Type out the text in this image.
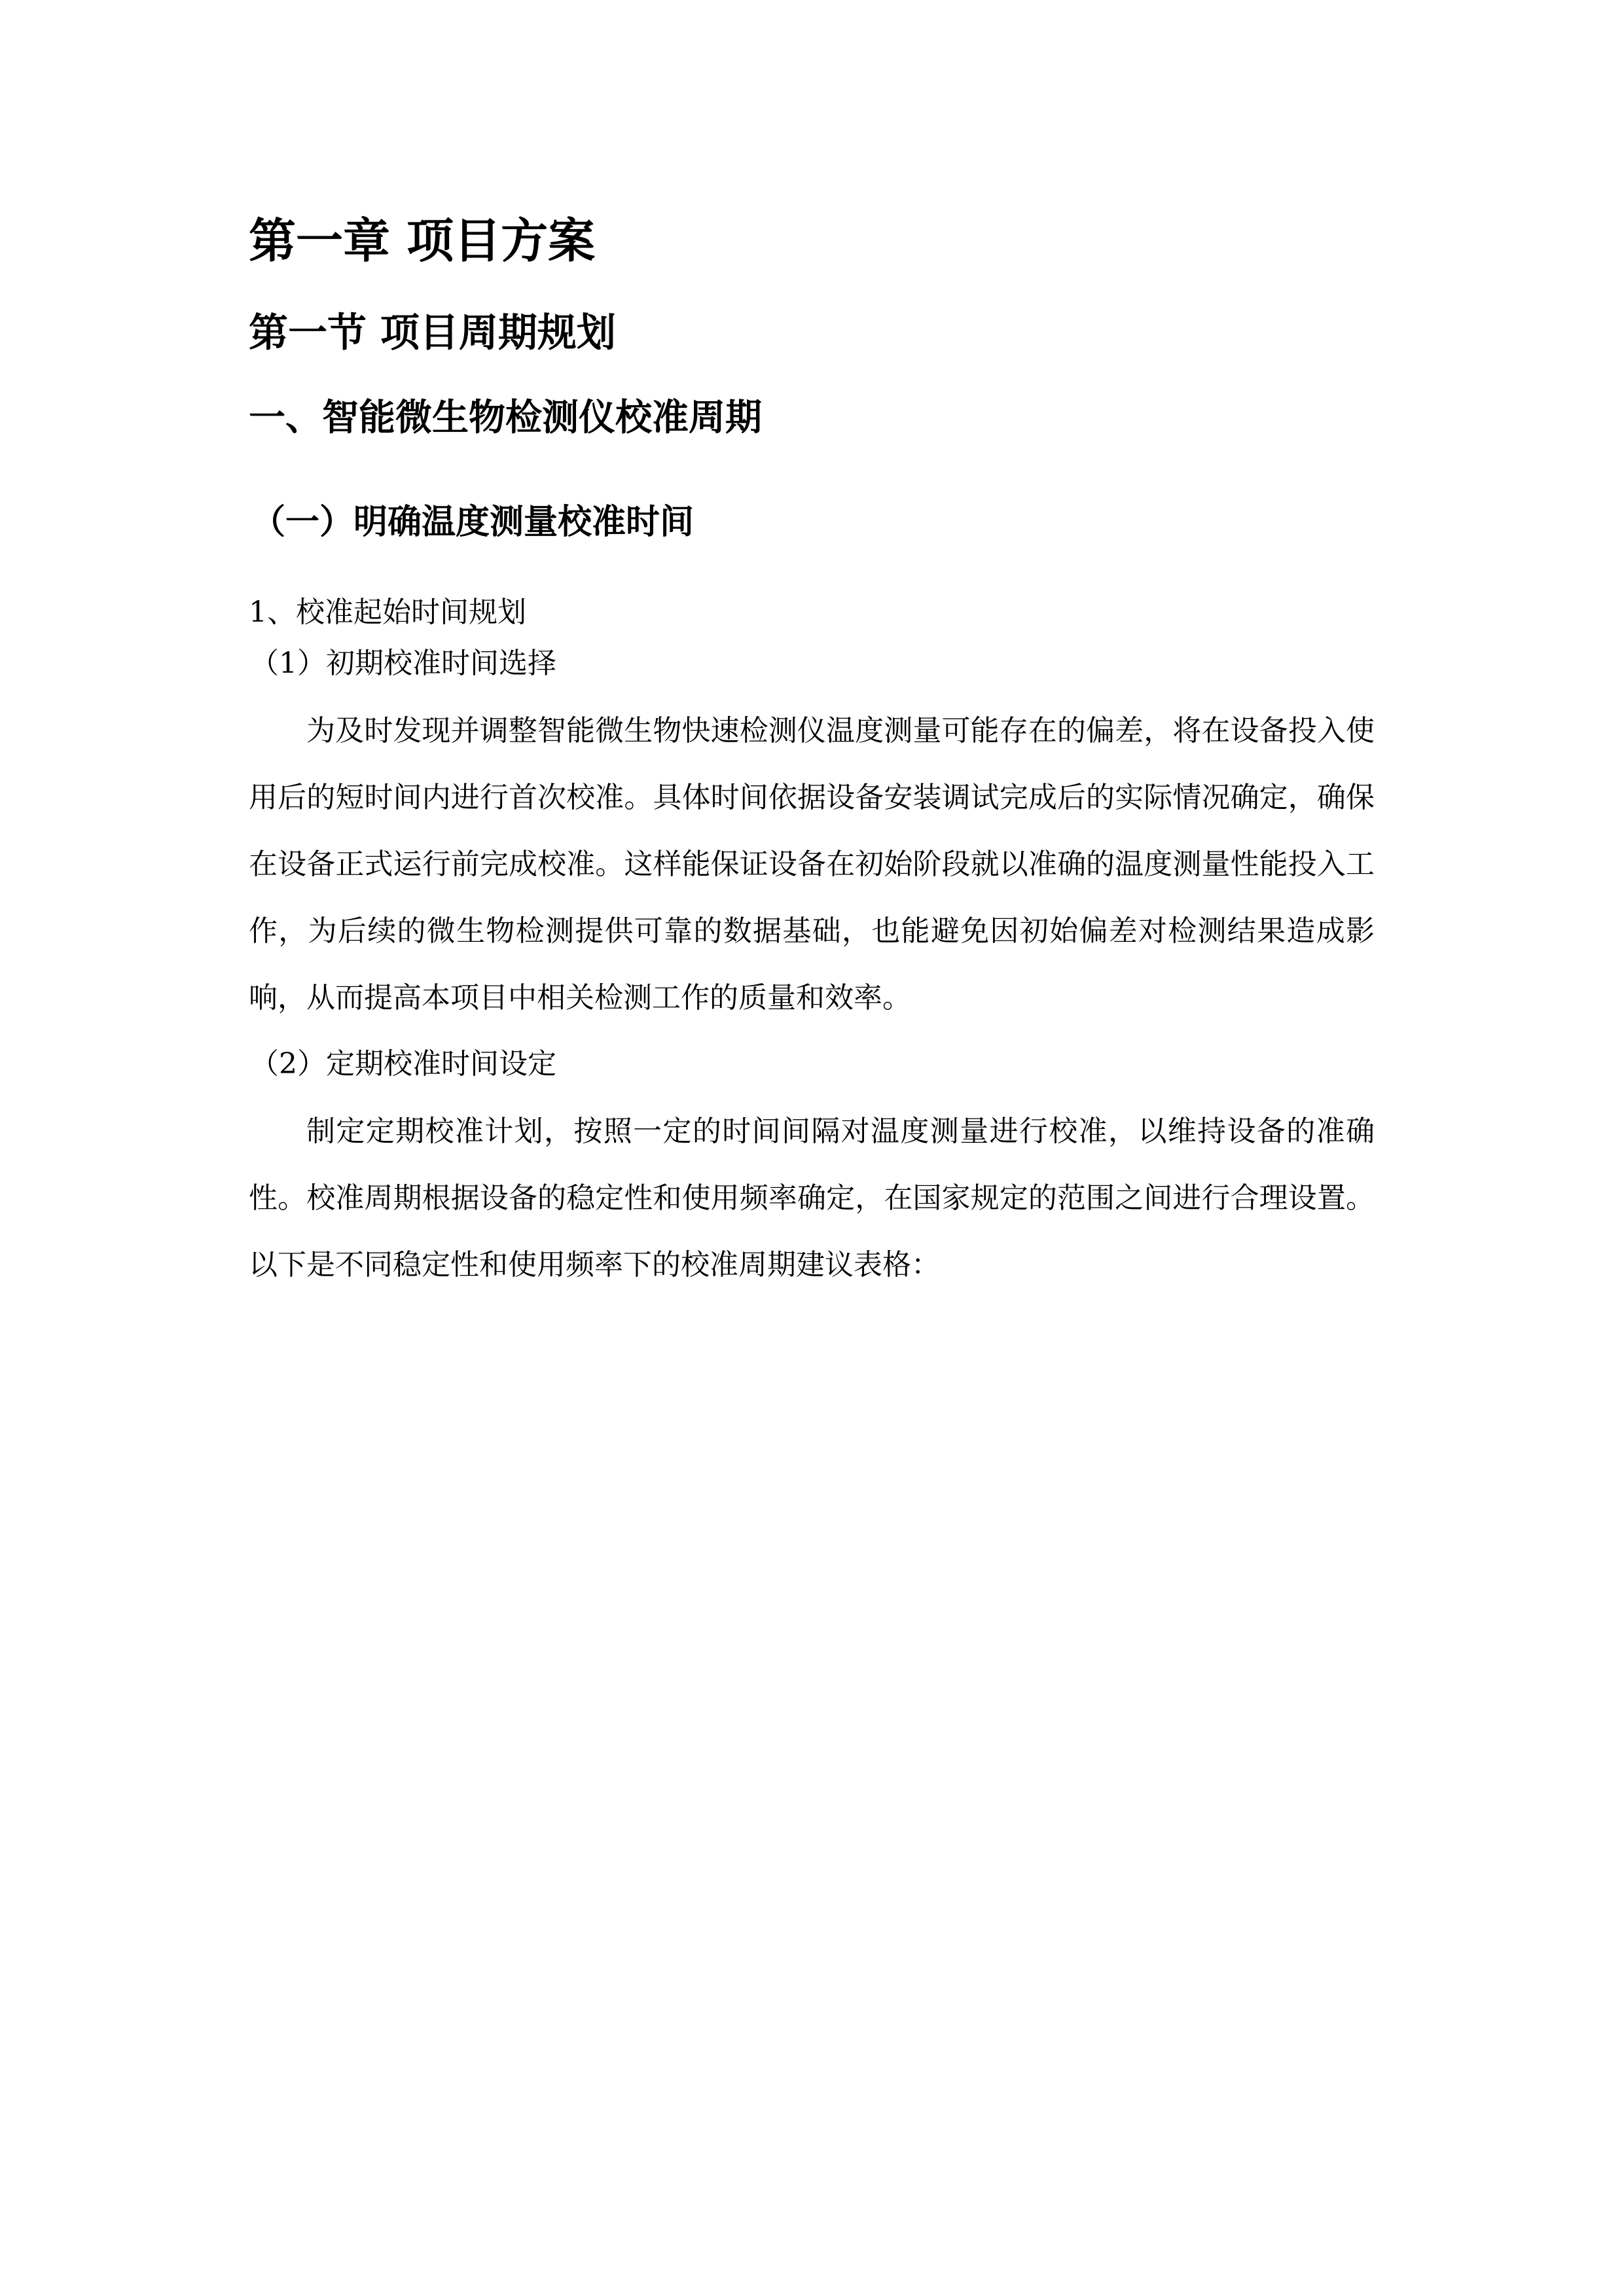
第一章 项目方案
第一节 项目周期规划
一、智能微生物检测仪校准周期
（一）明确温度测量校准时间
1、校准起始时间规划
（1）初期校准时间选择

为及时发现并调整智能微生物快速检测仪温度测量可能存在的偏差，将在设备投入使用后的短时间内进行首次校准。具体时间依据设备安装调试完成后的实际情况确定，确保在设备正式运行前完成校准。这样能保证设备在初始阶段就以准确的温度测量性能投入工作，为后续的微生物检测提供可靠的数据基础，也能避免因初始偏差对检测结果造成影响，从而提高本项目中相关检测工作的质量和效率。

（2）定期校准时间设定

制定定期校准计划，按照一定的时间间隔对温度测量进行校准，以维持设备的准确性。校准周期根据设备的稳定性和使用频率确定，在国家规定的范围之间进行合理设置。以下是不同稳定性和使用频率下的校准周期建议表格：
